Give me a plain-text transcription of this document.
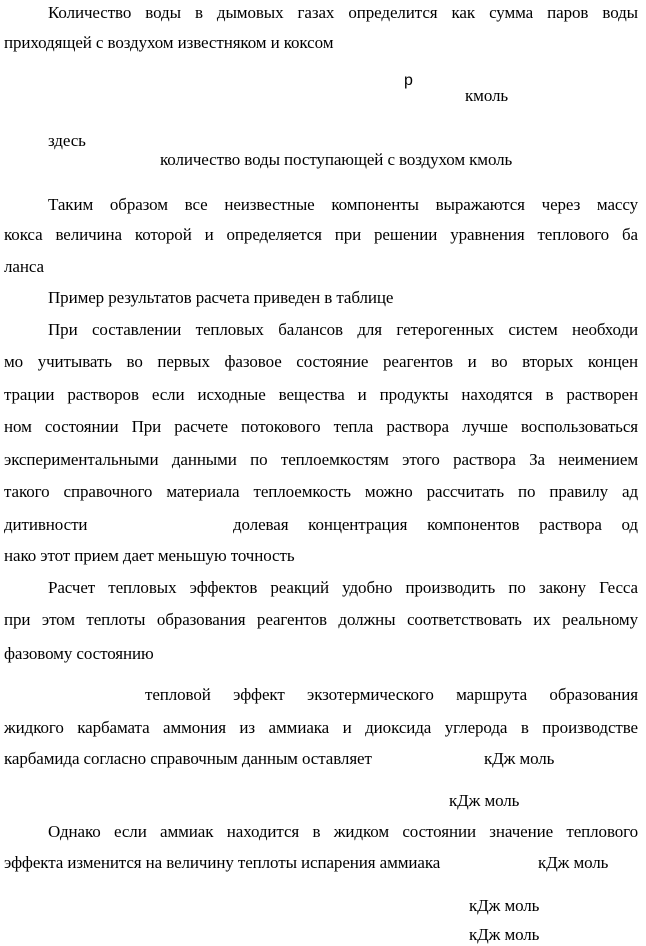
Количество воды в дымовых газах определится как сумма паров воды
приходящей с воздухом известняком и коксом
р
кмоль
здесь
количество воды поступающей с воздухом кмоль
Таким образом все неизвестные компоненты выражаются через массу
кокса величина которой и определяется при решении уравнения теплового ба
ланса
Пример результатов расчета приведен в таблице
При составлении тепловых балансов для гетерогенных систем необходи
мо учитывать во первых фазовое состояние реагентов и во вторых концен
трации растворов если исходные вещества и продукты находятся в растворен
ном состоянии При расчете потокового тепла раствора лучше воспользоваться
экспериментальными данными по теплоемкостям этого раствора За неимением
такого справочного материала теплоемкость можно рассчитать по правилу ад
дитивности	долевая концентрация компонентов раствора од
нако этот прием дает меньшую точность
Расчет тепловых эффектов реакций удобно производить по закону Гесса
при этом теплоты образования реагентов должны соответствовать их реальному
фазовому состоянию
тепловой эффект экзотермического маршрута образования
жидкого карбамата аммония из аммиака и диоксида углерода в производстве
карбамида согласно справочным данным оставляет	кДж моль
кДж моль
Однако если аммиак находится в жидком состоянии значение теплового
эффекта изменится на величину теплоты испарения аммиака	кДж моль
кДж моль
кДж моль
